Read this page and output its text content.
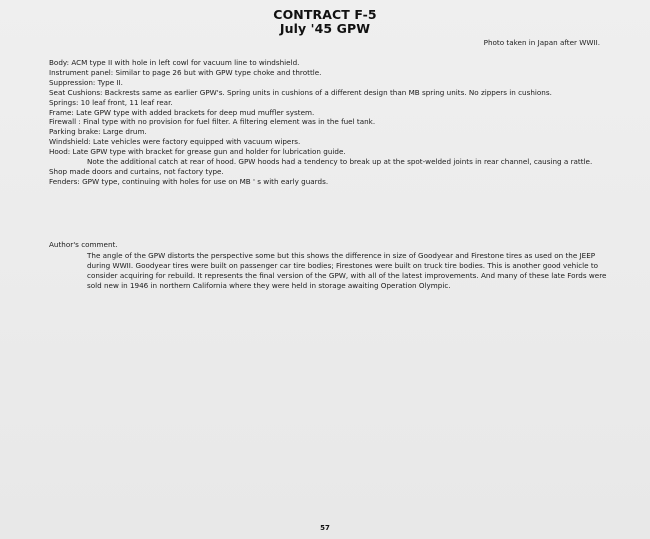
CONTRACT F-5
July '45 GPW
Photo taken in Japan after WWII.
Body: ACM type II with hole in left cowl for vacuum line to windshield.
Instrument panel: Similar to page 26 but with GPW type choke and throttle.
Suppression: Type II.
Seat Cushions: Backrests same as earlier GPW's. Spring units in cushions of a different design than MB spring units. No zippers in cushions.
Springs: 10 leaf front, 11 leaf rear.
Frame: Late GPW type with added brackets for deep mud muffler system.
Firewall : Final type with no provision for fuel filter. A filtering element was in the fuel tank.
Parking brake: Large drum.
Windshield: Late vehicles were factory equipped with vacuum wipers.
Hood: Late GPW type with bracket for grease gun and holder for lubrication guide.
Note the additional catch at rear of hood. GPW hoods had a tendency to break up at the spot-welded joints in rear channel, causing a rattle.
Shop made doors and curtains, not factory type.
Fenders: GPW type, continuing with holes for use on MB ' s with early guards.
Author's comment.
The angle of the GPW distorts the perspective some but this shows the difference in size of Goodyear and Firestone tires as used on the JEEP during WWII. Goodyear tires were built on passenger car tire bodies; Firestones were built on truck tire bodies. This is another good vehicle to consider acquiring for rebuild. It represents the final version of the GPW, with all of the latest improvements. And many of these late Fords were sold new in 1946 in northern California where they were held in storage awaiting Operation Olympic.
57
